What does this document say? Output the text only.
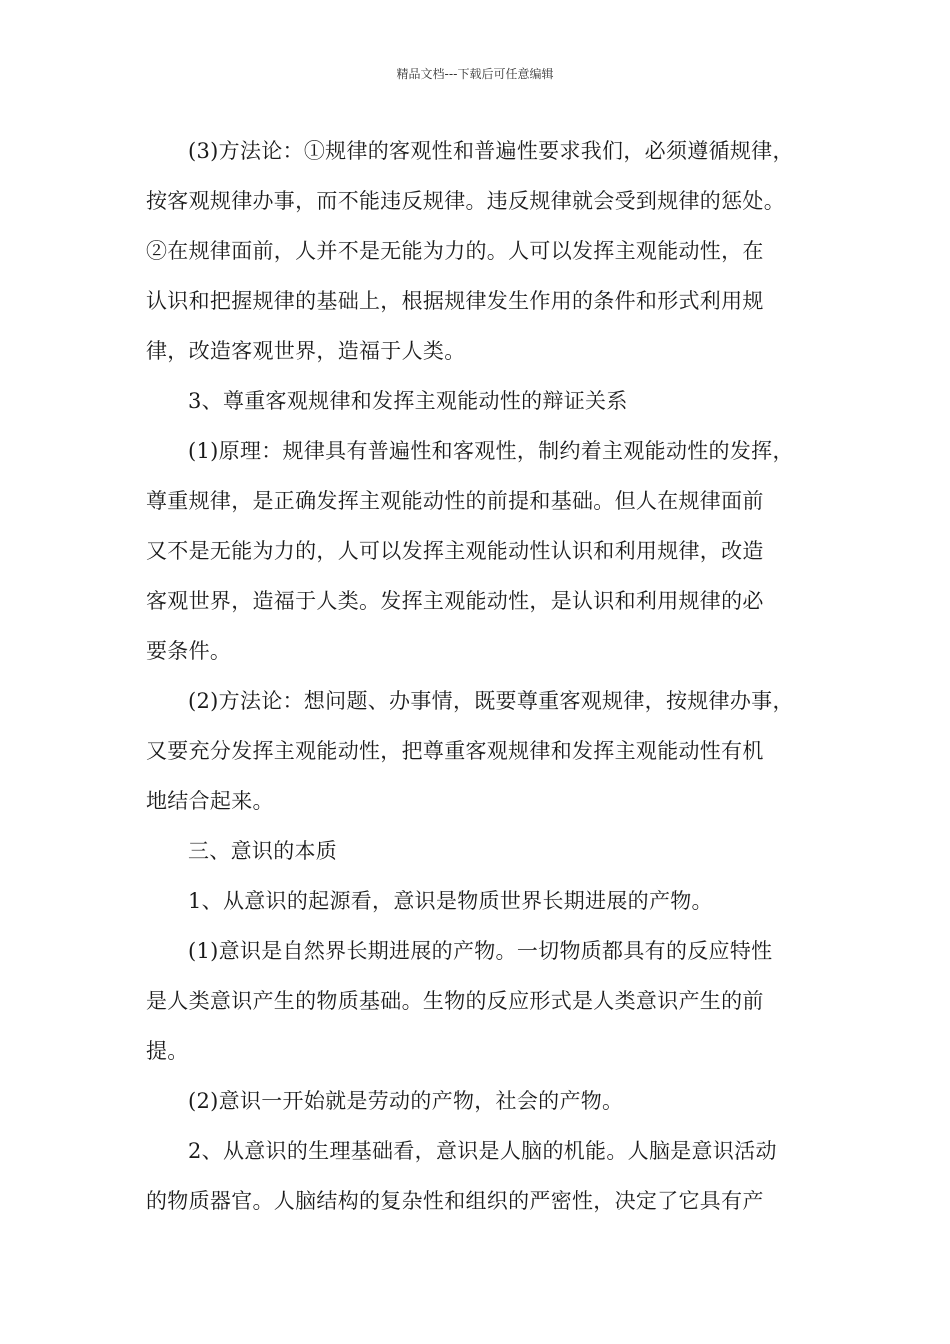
精品文档---下载后可任意编辑
(3)方法论：①规律的客观性和普遍性要求我们，必须遵循规律，
按客观规律办事，而不能违反规律。违反规律就会受到规律的惩处。
②在规律面前，人并不是无能为力的。人可以发挥主观能动性，在
认识和把握规律的基础上，根据规律发生作用的条件和形式利用规
律，改造客观世界，造福于人类。
3、尊重客观规律和发挥主观能动性的辩证关系
(1)原理：规律具有普遍性和客观性，制约着主观能动性的发挥，
尊重规律，是正确发挥主观能动性的前提和基础。但人在规律面前
又不是无能为力的，人可以发挥主观能动性认识和利用规律，改造
客观世界，造福于人类。发挥主观能动性，是认识和利用规律的必
要条件。
(2)方法论：想问题、办事情，既要尊重客观规律，按规律办事，
又要充分发挥主观能动性，把尊重客观规律和发挥主观能动性有机
地结合起来。
三、意识的本质
1、从意识的起源看，意识是物质世界长期进展的产物。
(1)意识是自然界长期进展的产物。一切物质都具有的反应特性
是人类意识产生的物质基础。生物的反应形式是人类意识产生的前
提。
(2)意识一开始就是劳动的产物，社会的产物。
2、从意识的生理基础看，意识是人脑的机能。人脑是意识活动
的物质器官。人脑结构的复杂性和组织的严密性，决定了它具有产
